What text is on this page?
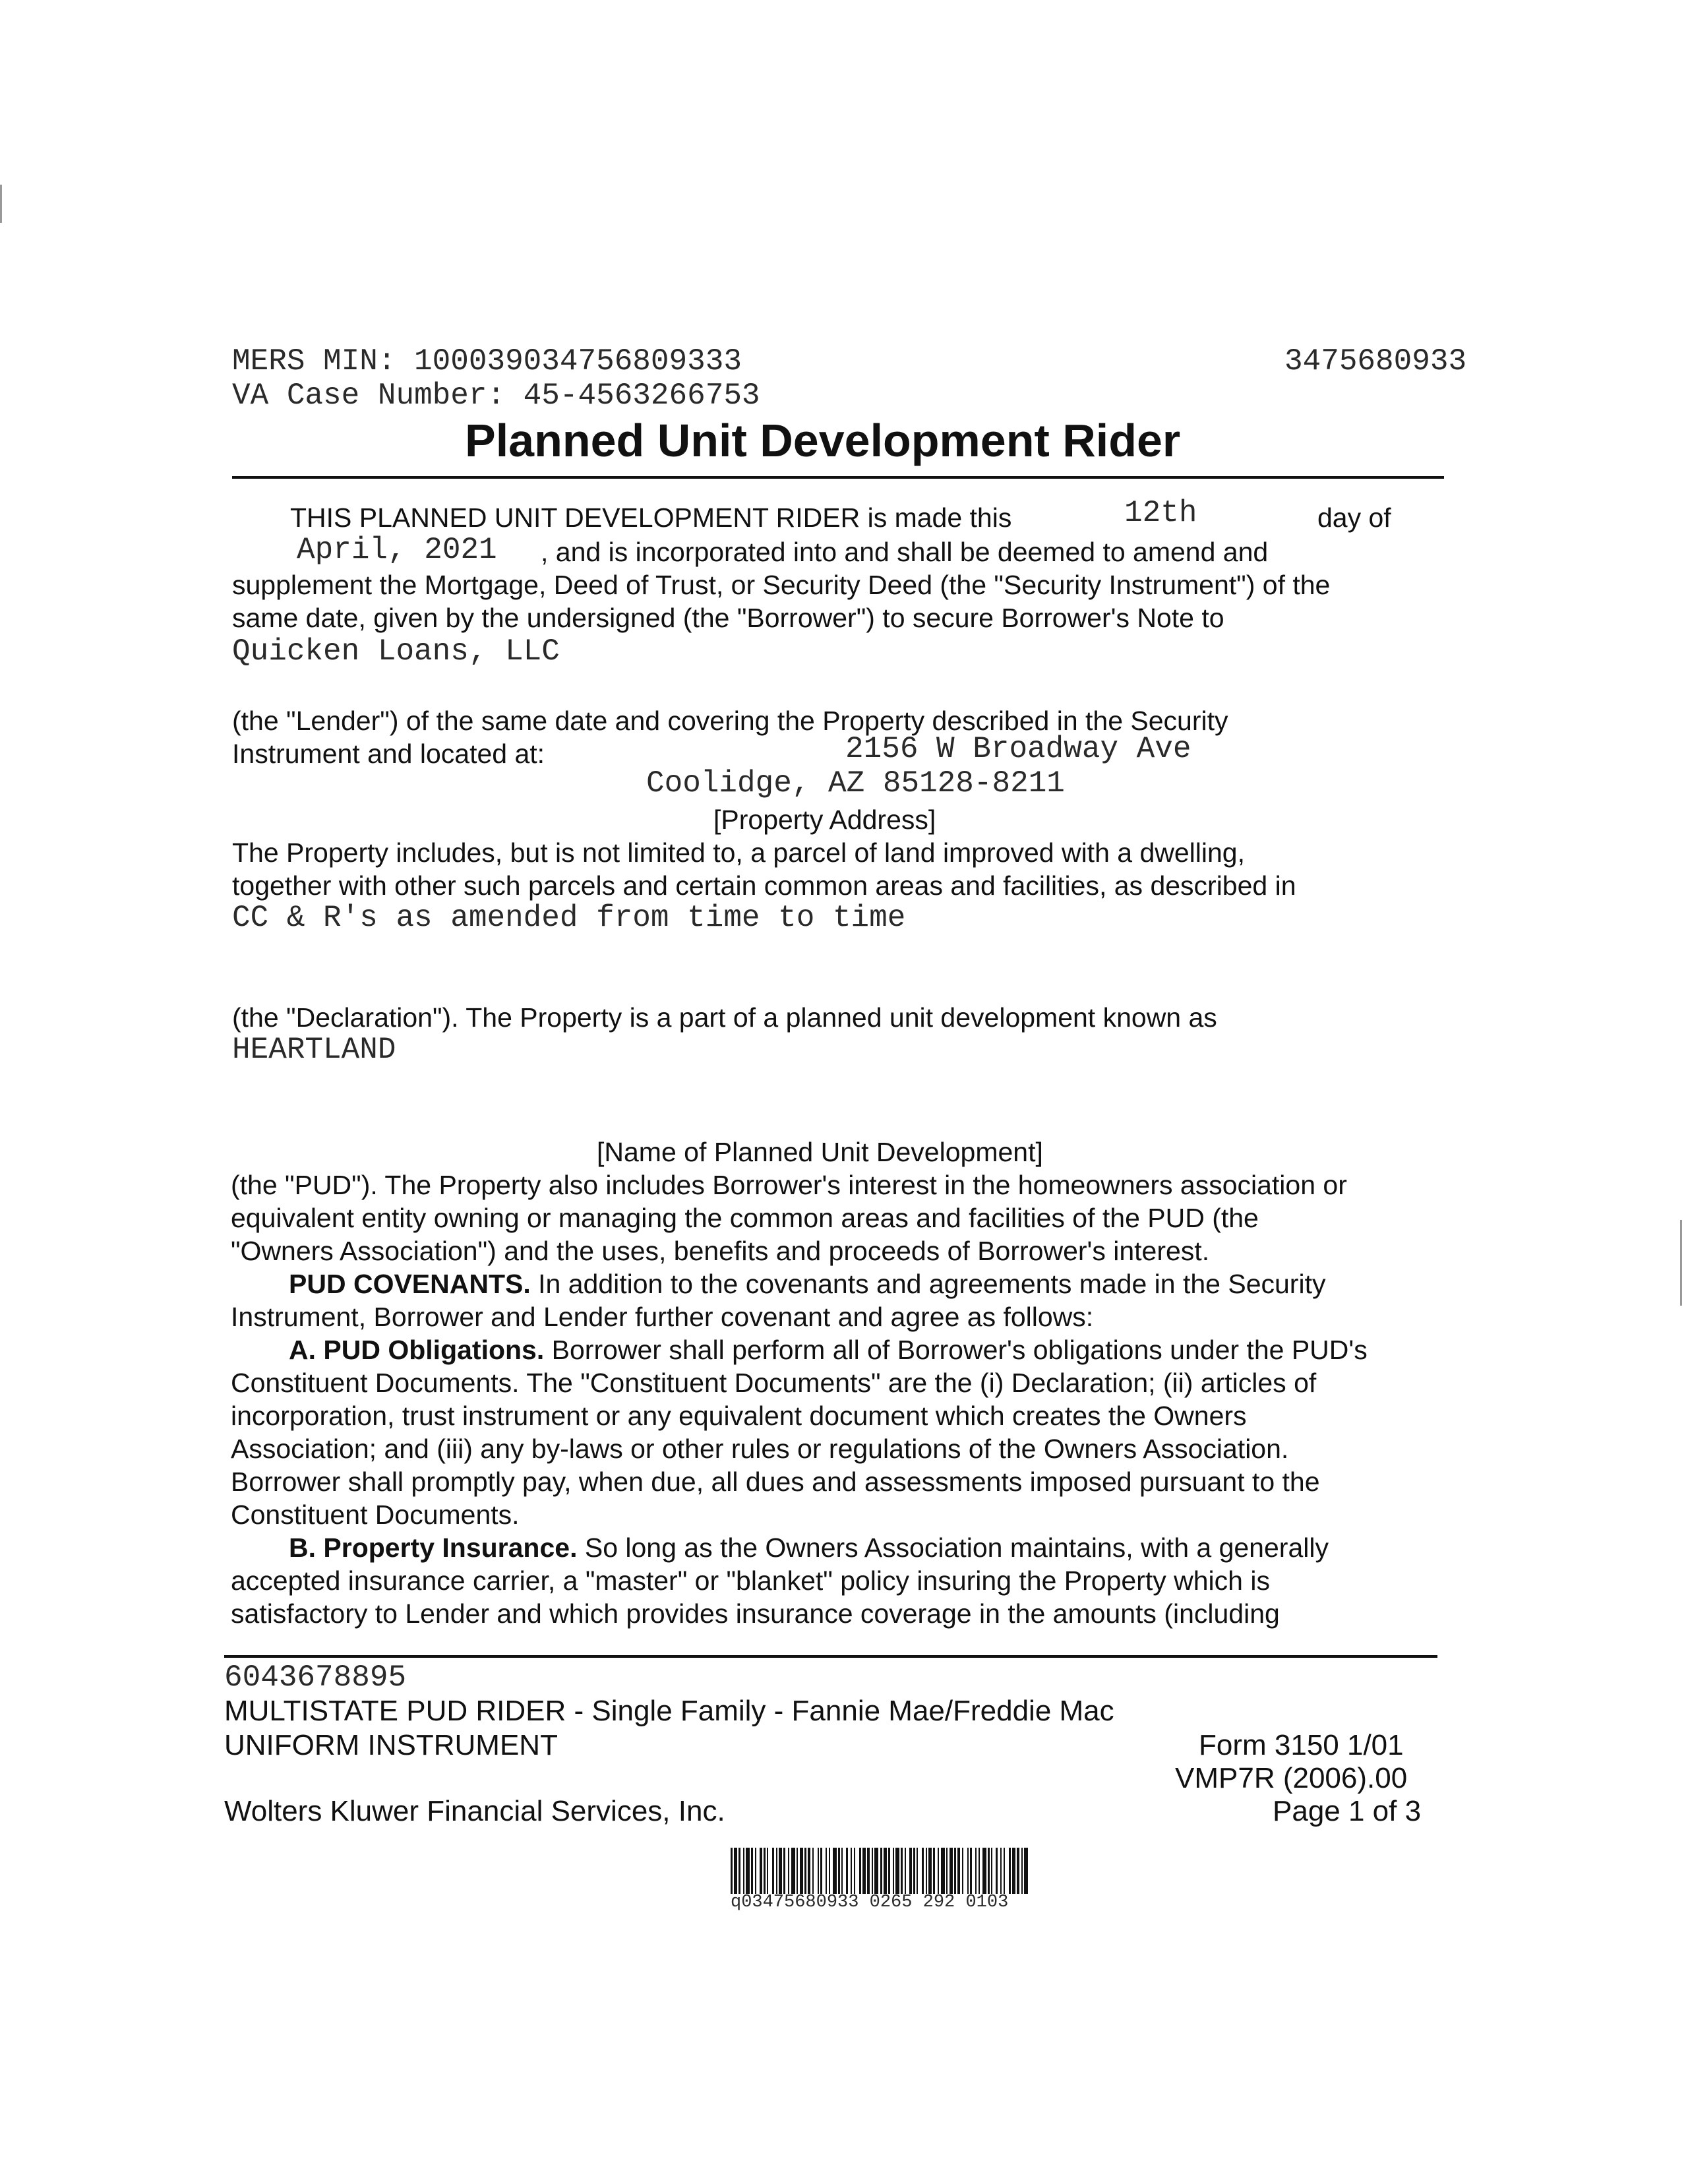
MERS MIN: 100039034756809333
VA Case Number: 45-4563266753
3475680933
Planned Unit Development Rider
THIS PLANNED UNIT DEVELOPMENT RIDER is made this	12th	day of
April, 2021 , and is incorporated into and shall be deemed to amend and
supplement the Mortgage, Deed of Trust, or Security Deed (the "Security Instrument") of the
same date, given by the undersigned (the "Borrower") to secure Borrower's Note to
Quicken Loans, LLC
(the "Lender") of the same date and covering the Property described in the Security
Instrument and located at:	2156 W Broadway Ave
Coolidge, AZ 85128-8211
[Property Address]
The Property includes, but is not limited to, a parcel of land improved with a dwelling,
together with other such parcels and certain common areas and facilities, as described in
CC & R's as amended from time to time
(the "Declaration"). The Property is a part of a planned unit development known as
HEARTLAND
[Name of Planned Unit Development]
(the "PUD"). The Property also includes Borrower's interest in the homeowners association or
equivalent entity owning or managing the common areas and facilities of the PUD (the
"Owners Association") and the uses, benefits and proceeds of Borrower's interest.
PUD COVENANTS. In addition to the covenants and agreements made in the Security
Instrument, Borrower and Lender further covenant and agree as follows:
A. PUD Obligations. Borrower shall perform all of Borrower's obligations under the PUD's
Constituent Documents. The "Constituent Documents" are the (i) Declaration; (ii) articles of
incorporation, trust instrument or any equivalent document which creates the Owners
Association; and (iii) any by-laws or other rules or regulations of the Owners Association.
Borrower shall promptly pay, when due, all dues and assessments imposed pursuant to the
Constituent Documents.
B. Property Insurance. So long as the Owners Association maintains, with a generally
accepted insurance carrier, a "master" or "blanket" policy insuring the Property which is
satisfactory to Lender and which provides insurance coverage in the amounts (including
6043678895
MULTISTATE PUD RIDER - Single Family - Fannie Mae/Freddie Mac
UNIFORM INSTRUMENT	Form 3150 1/01
VMP7R (2006).00
Wolters Kluwer Financial Services, Inc.	Page 1 of 3
q03475680933 0265 292 0103
